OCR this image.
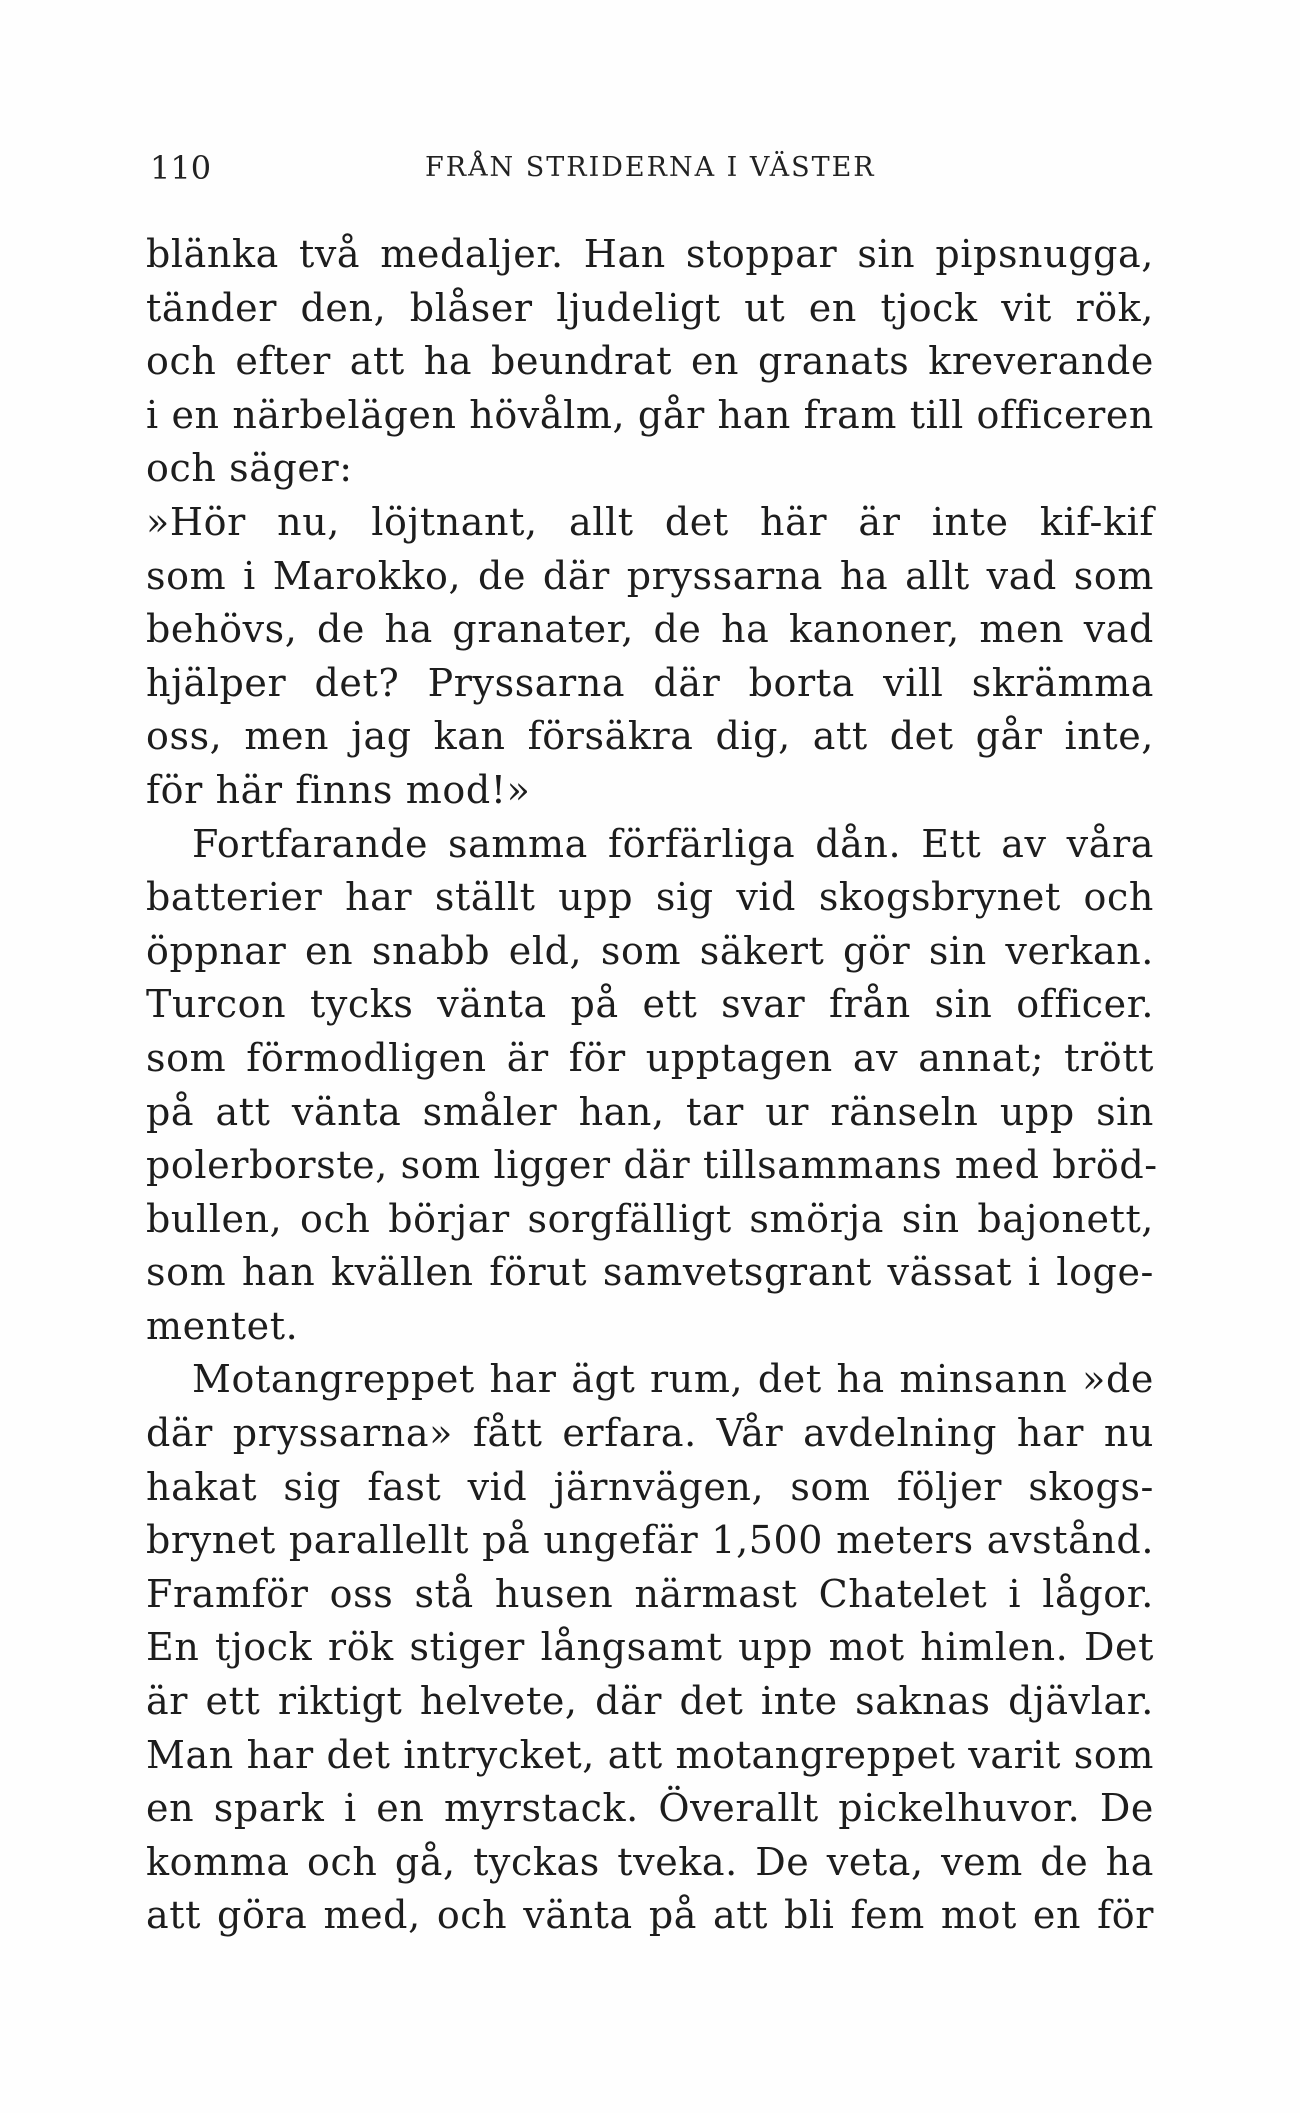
110	FRÅN STRIDERNA I VÄSTER
blänka två medaljer. Han stoppar sin pipsnugga,
tänder den, blåser ljudeligt ut en tjock vit rök,
och efter att ha beundrat en granats kreverande
i en närbelägen hövålm, går han fram till officeren
och säger:
»Hör nu, löjtnant, allt det här är inte kif-kif
som i Marokko, de där pryssarna ha allt vad som
behövs, de ha granater, de ha kanoner, men vad
hjälper det? Pryssarna där borta vill skrämma
oss, men jag kan försäkra dig, att det går inte,
för här finns mod!»
Fortfarande samma förfärliga dån. Ett av våra
batterier har ställt upp sig vid skogsbrynet och
öppnar en snabb eld, som säkert gör sin verkan.
Turcon tycks vänta på ett svar från sin officer.
som förmodligen är för upptagen av annat; trött
på att vänta småler han, tar ur ränseln upp sin
polerborste, som ligger där tillsammans med bröd-
bullen, och börjar sorgfälligt smörja sin bajonett,
som han kvällen förut samvetsgrant vässat i loge-
mentet.
Motangreppet har ägt rum, det ha minsann »de
där pryssarna» fått erfara. Vår avdelning har nu
hakat sig fast vid järnvägen, som följer skogs-
brynet parallellt på ungefär 1,500 meters avstånd.
Framför oss stå husen närmast Chatelet i lågor.
En tjock rök stiger långsamt upp mot himlen. Det
är ett riktigt helvete, där det inte saknas djävlar.
Man har det intrycket, att motangreppet varit som
en spark i en myrstack. Överallt pickelhuvor. De
komma och gå, tyckas tveka. De veta, vem de ha
att göra med, och vänta på att bli fem mot en för
